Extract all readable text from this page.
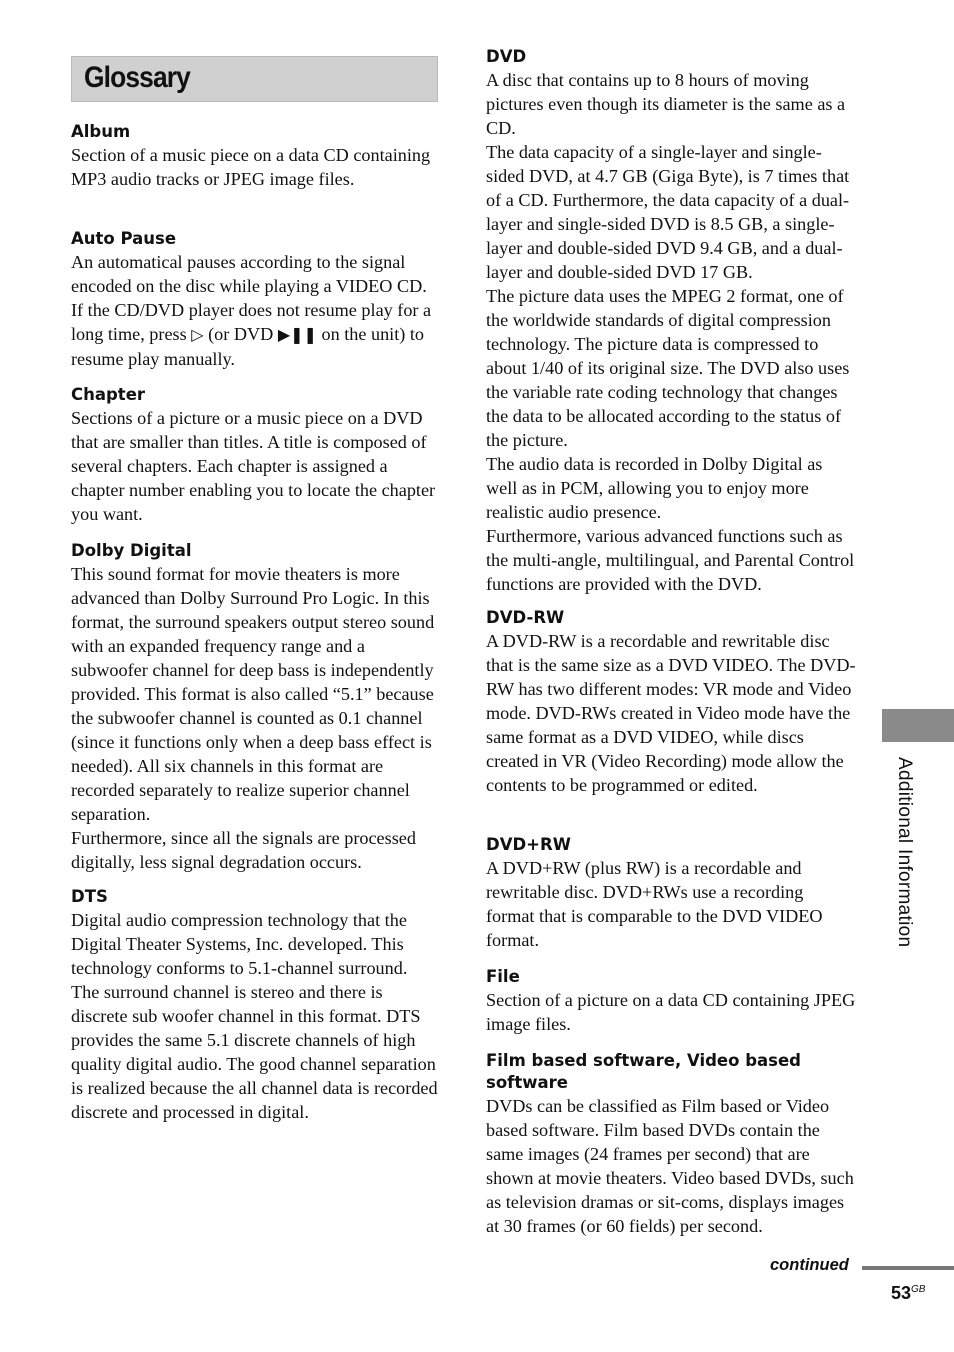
Glossary
Album

Section of a music piece on a data CD containing MP3 audio tracks or JPEG image files.

Auto Pause

An automatical pauses according to the signal encoded on the disc while playing a VIDEO CD. If the CD/DVD player does not resume play for a long time, press ▷ (or DVD ▶❚❚ on the unit) to resume play manually.

Chapter

Sections of a picture or a music piece on a DVD that are smaller than titles. A title is composed of several chapters. Each chapter is assigned a chapter number enabling you to locate the chapter you want.

Dolby Digital

This sound format for movie theaters is more advanced than Dolby Surround Pro Logic. In this format, the surround speakers output stereo sound with an expanded frequency range and a subwoofer channel for deep bass is independently provided. This format is also called “5.1” because the subwoofer channel is counted as 0.1 channel (since it functions only when a deep bass effect is needed). All six channels in this format are recorded separately to realize superior channel separation.

Furthermore, since all the signals are processed digitally, less signal degradation occurs.

DTS

Digital audio compression technology that the Digital Theater Systems, Inc. developed. This technology conforms to 5.1-channel surround. The surround channel is stereo and there is discrete sub woofer channel in this format. DTS provides the same 5.1 discrete channels of high quality digital audio. The good channel separation is realized because the all channel data is recorded discrete and processed in digital.

DVD

A disc that contains up to 8 hours of moving pictures even though its diameter is the same as a CD.

The data capacity of a single-layer and single-sided DVD, at 4.7 GB (Giga Byte), is 7 times that of a CD. Furthermore, the data capacity of a dual-layer and single-sided DVD is 8.5 GB, a single-layer and double-sided DVD 9.4 GB, and a dual-layer and double-sided DVD 17 GB.

The picture data uses the MPEG 2 format, one of the worldwide standards of digital compression technology. The picture data is compressed to about 1/40 of its original size. The DVD also uses the variable rate coding technology that changes the data to be allocated according to the status of the picture.

The audio data is recorded in Dolby Digital as well as in PCM, allowing you to enjoy more realistic audio presence.

Furthermore, various advanced functions such as the multi-angle, multilingual, and Parental Control functions are provided with the DVD.

DVD-RW

A DVD-RW is a recordable and rewritable disc that is the same size as a DVD VIDEO. The DVD-RW has two different modes: VR mode and Video mode. DVD-RWs created in Video mode have the same format as a DVD VIDEO, while discs created in VR (Video Recording) mode allow the contents to be programmed or edited.

DVD+RW

A DVD+RW (plus RW) is a recordable and rewritable disc. DVD+RWs use a recording format that is comparable to the DVD VIDEO format.

File

Section of a picture on a data CD containing JPEG image files.

Film based software, Video based software

DVDs can be classified as Film based or Video based software. Film based DVDs contain the same images (24 frames per second) that are shown at movie theaters. Video based DVDs, such as television dramas or sit-coms, displays images at 30 frames (or 60 fields) per second.

Additional Information
continued
$53^{GB}$
